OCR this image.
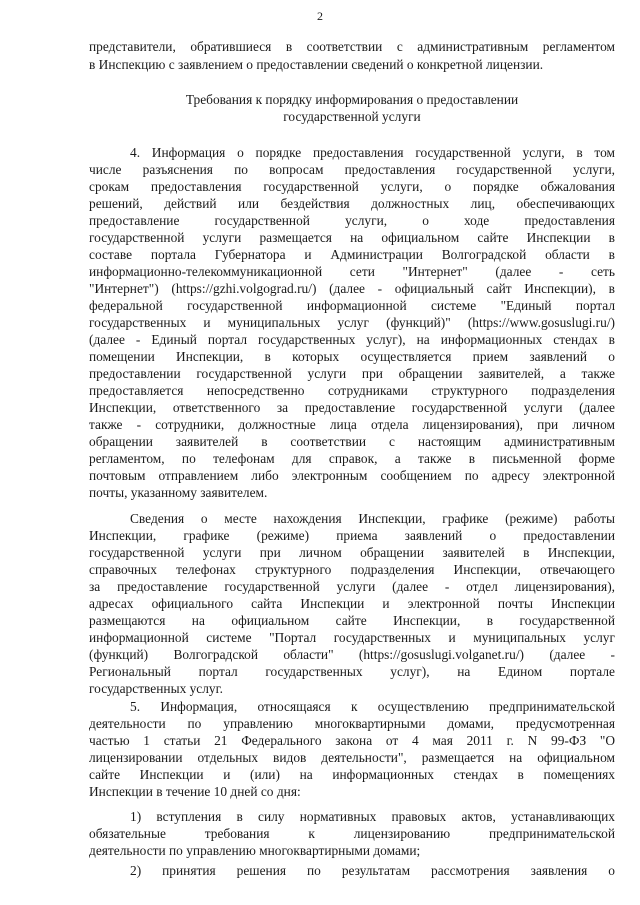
2
представители, обратившиеся в соответствии с административным регламентом
в Инспекцию с заявлением о предоставлении сведений о конкретной лицензии.
Требования к порядку информирования о предоставлении
государственной услуги
4. Информация о порядке предоставления государственной услуги, в том
числе разъяснения по вопросам предоставления государственной услуги,
срокам предоставления государственной услуги, о порядке обжалования
решений, действий или бездействия должностных лиц, обеспечивающих
предоставление государственной услуги, о ходе предоставления
государственной услуги размещается на официальном сайте Инспекции в
составе портала Губернатора и Администрации Волгоградской области в
информационно-телекоммуникационной сети "Интернет" (далее - сеть
"Интернет") (https://gzhi.volgograd.ru/) (далее - официальный сайт Инспекции), в
федеральной государственной информационной системе "Единый портал
государственных и муниципальных услуг (функций)" (https://www.gosuslugi.ru/)
(далее - Единый портал государственных услуг), на информационных стендах в
помещении Инспекции, в которых осуществляется прием заявлений о
предоставлении государственной услуги при обращении заявителей, а также
предоставляется непосредственно сотрудниками структурного подразделения
Инспекции, ответственного за предоставление государственной услуги (далее
также - сотрудники, должностные лица отдела лицензирования), при личном
обращении заявителей в соответствии с настоящим административным
регламентом, по телефонам для справок, а также в письменной форме
почтовым отправлением либо электронным сообщением по адресу электронной
почты, указанному заявителем.
Сведения о месте нахождения Инспекции, графике (режиме) работы
Инспекции, графике (режиме) приема заявлений о предоставлении
государственной услуги при личном обращении заявителей в Инспекции,
справочных телефонах структурного подразделения Инспекции, отвечающего
за предоставление государственной услуги (далее - отдел лицензирования),
адресах официального сайта Инспекции и электронной почты Инспекции
размещаются на официальном сайте Инспекции, в государственной
информационной системе "Портал государственных и муниципальных услуг
(функций) Волгоградской области" (https://gosuslugi.volganet.ru/) (далее -
Региональный портал государственных услуг), на Едином портале
государственных услуг.
5. Информация, относящаяся к осуществлению предпринимательской
деятельности по управлению многоквартирными домами, предусмотренная
частью 1 статьи 21 Федерального закона от 4 мая 2011 г. N 99-ФЗ "О
лицензировании отдельных видов деятельности", размещается на официальном
сайте Инспекции и (или) на информационных стендах в помещениях
Инспекции в течение 10 дней со дня:
1) вступления в силу нормативных правовых актов, устанавливающих
обязательные требования к лицензированию предпринимательской
деятельности по управлению многоквартирными домами;
2) принятия решения по результатам рассмотрения заявления о
